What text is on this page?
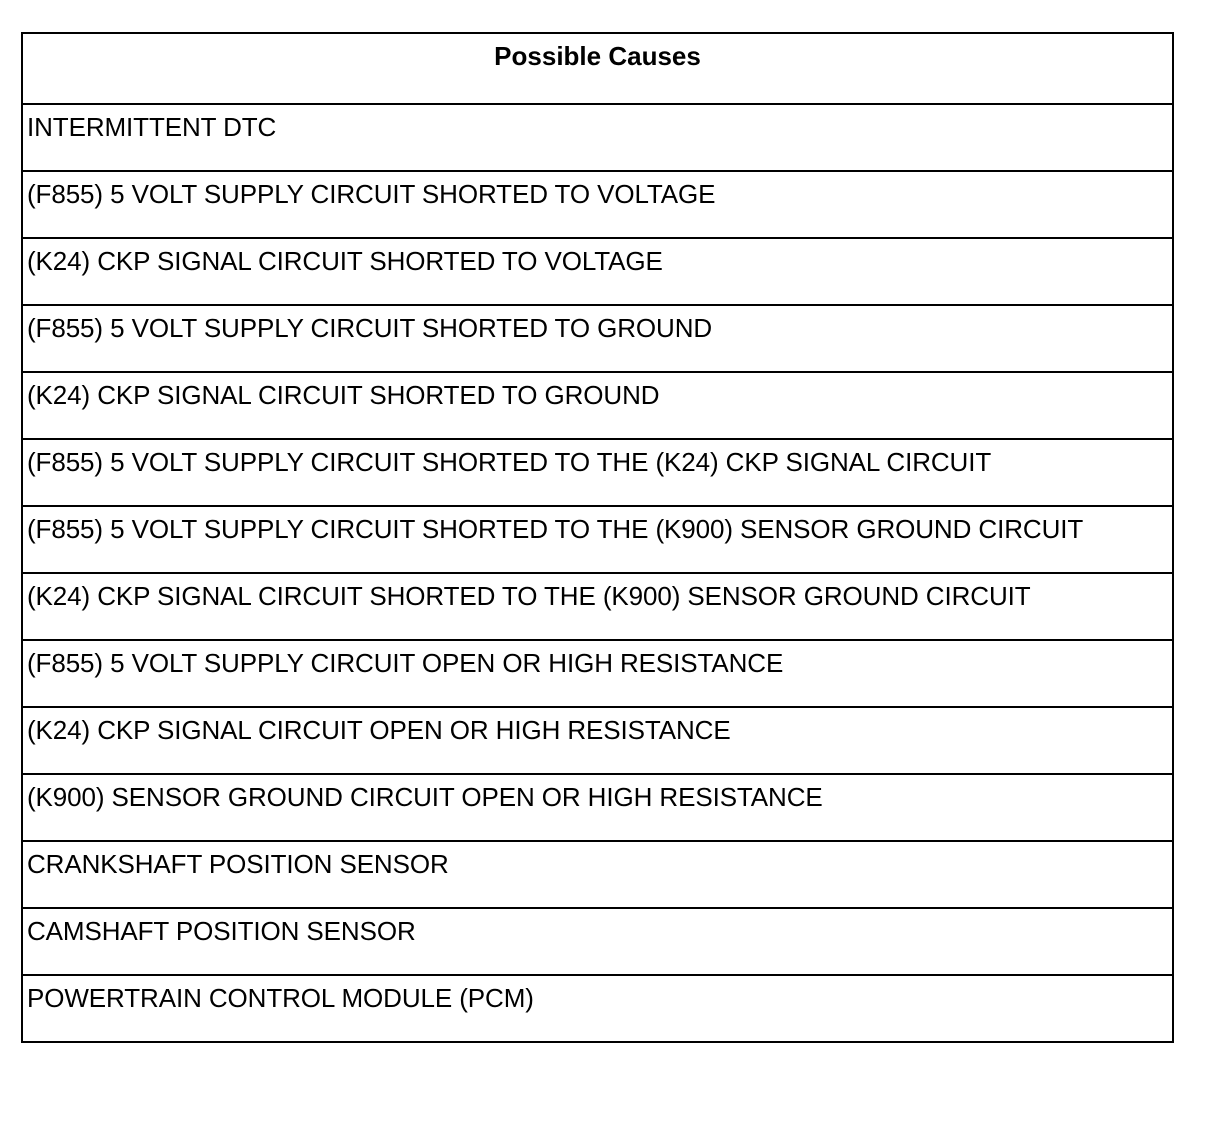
Possible Causes
INTERMITTENT DTC
(F855) 5 VOLT SUPPLY CIRCUIT SHORTED TO VOLTAGE
(K24) CKP SIGNAL CIRCUIT SHORTED TO VOLTAGE
(F855) 5 VOLT SUPPLY CIRCUIT SHORTED TO GROUND
(K24) CKP SIGNAL CIRCUIT SHORTED TO GROUND
(F855) 5 VOLT SUPPLY CIRCUIT SHORTED TO THE (K24) CKP SIGNAL CIRCUIT
(F855) 5 VOLT SUPPLY CIRCUIT SHORTED TO THE (K900) SENSOR GROUND CIRCUIT
(K24) CKP SIGNAL CIRCUIT SHORTED TO THE (K900) SENSOR GROUND CIRCUIT
(F855) 5 VOLT SUPPLY CIRCUIT OPEN OR HIGH RESISTANCE
(K24) CKP SIGNAL CIRCUIT OPEN OR HIGH RESISTANCE
(K900) SENSOR GROUND CIRCUIT OPEN OR HIGH RESISTANCE
CRANKSHAFT POSITION SENSOR
CAMSHAFT POSITION SENSOR
POWERTRAIN CONTROL MODULE (PCM)
